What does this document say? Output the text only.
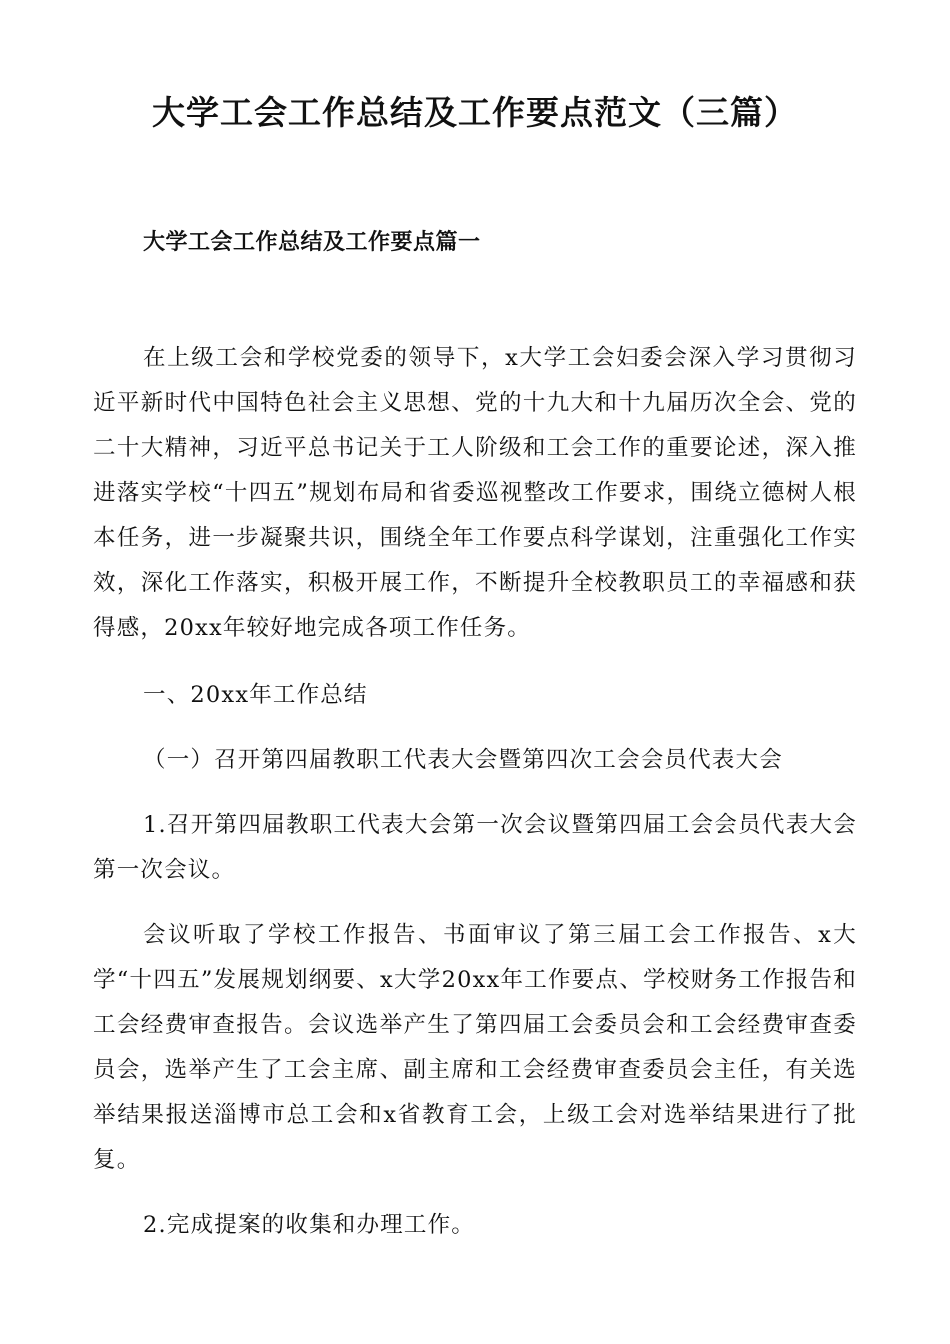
大学工会工作总结及工作要点范文（三篇）
大学工会工作总结及工作要点篇一

在上级工会和学校党委的领导下，x大学工会妇委会深入学习贯彻习近平新时代中国特色社会主义思想、党的十九大和十九届历次全会、党的二十大精神，习近平总书记关于工人阶级和工会工作的重要论述，深入推进落实学校“十四五”规划布局和省委巡视整改工作要求，围绕立德树人根本任务，进一步凝聚共识，围绕全年工作要点科学谋划，注重强化工作实效，深化工作落实，积极开展工作，不断提升全校教职员工的幸福感和获得感，20xx年较好地完成各项工作任务。

一、20xx年工作总结

（一）召开第四届教职工代表大会暨第四次工会会员代表大会

1.召开第四届教职工代表大会第一次会议暨第四届工会会员代表大会第一次会议。

会议听取了学校工作报告、书面审议了第三届工会工作报告、x大学“十四五”发展规划纲要、x大学20xx年工作要点、学校财务工作报告和工会经费审查报告。会议选举产生了第四届工会委员会和工会经费审查委员会，选举产生了工会主席、副主席和工会经费审查委员会主任，有关选举结果报送淄博市总工会和x省教育工会，上级工会对选举结果进行了批复。

2.完成提案的收集和办理工作。
